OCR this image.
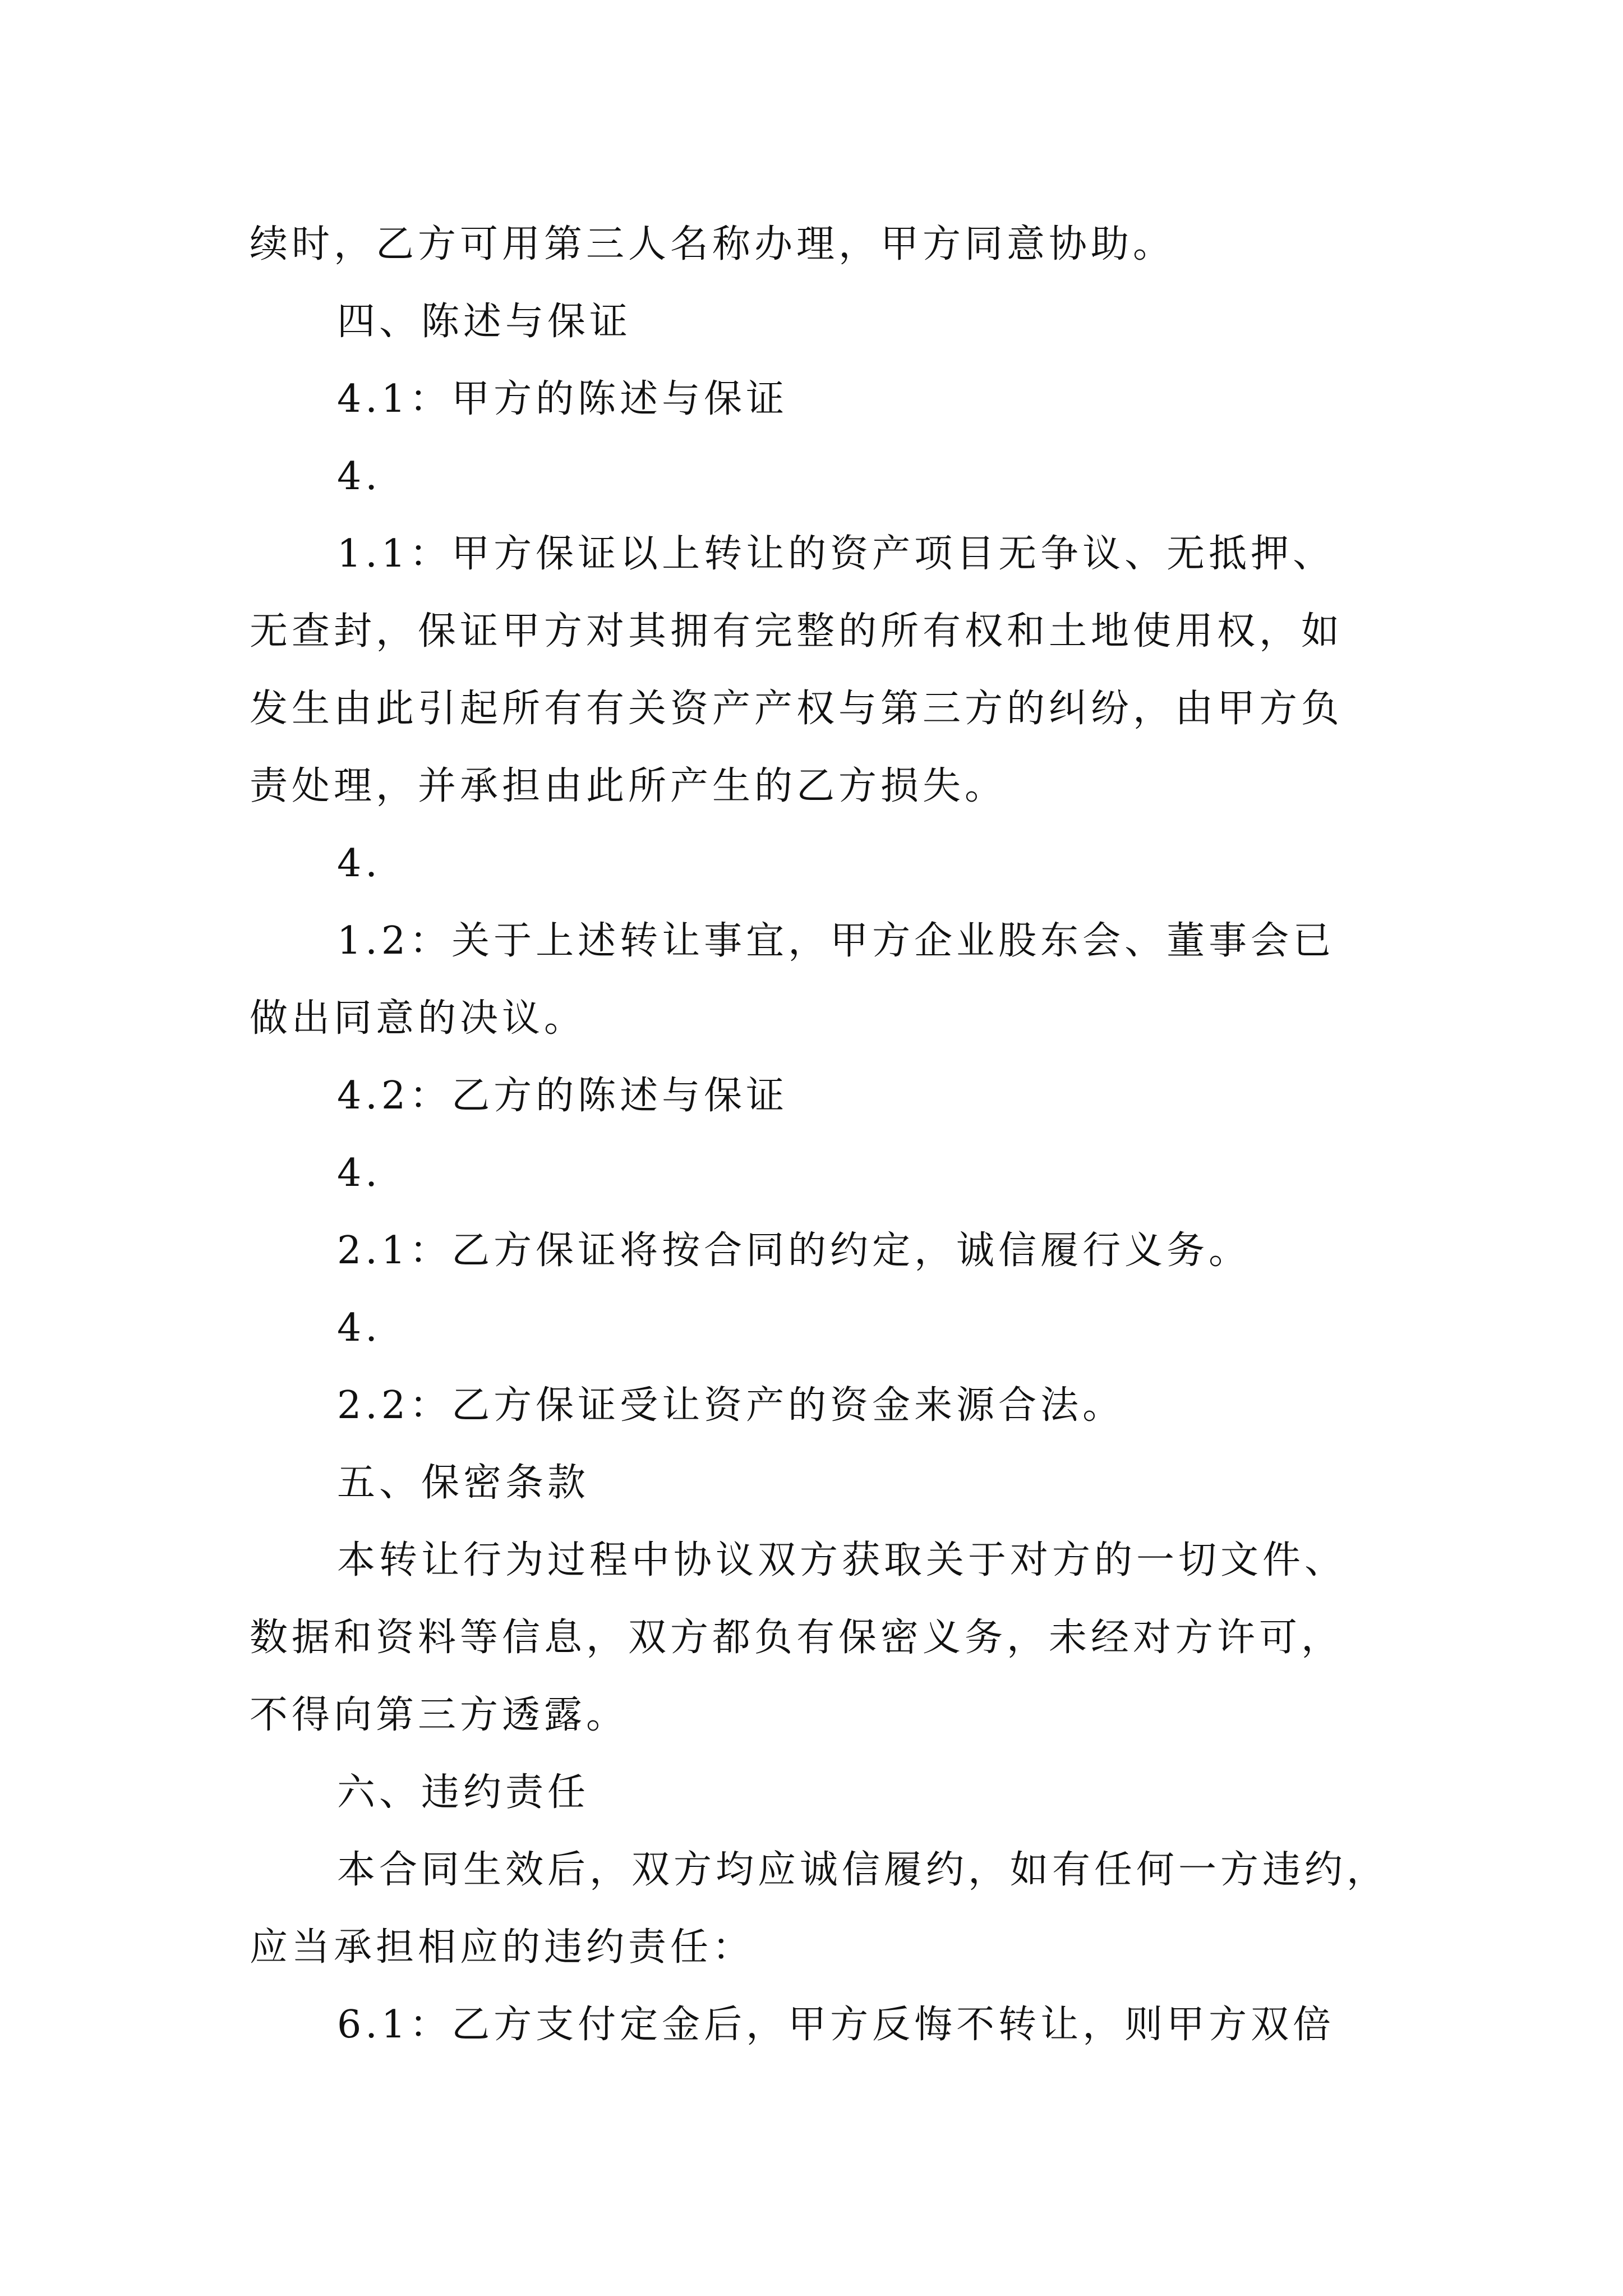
续时，乙方可用第三人名称办理，甲方同意协助。
四、陈述与保证
4.1：甲方的陈述与保证
4.
1.1：甲方保证以上转让的资产项目无争议、无抵押、
无查封，保证甲方对其拥有完整的所有权和土地使用权，如
发生由此引起所有有关资产产权与第三方的纠纷，由甲方负
责处理，并承担由此所产生的乙方损失。
4.
1.2：关于上述转让事宜，甲方企业股东会、董事会已
做出同意的决议。
4.2：乙方的陈述与保证
4.
2.1：乙方保证将按合同的约定，诚信履行义务。
4.
2.2：乙方保证受让资产的资金来源合法。
五、保密条款
本转让行为过程中协议双方获取关于对方的一切文件、
数据和资料等信息，双方都负有保密义务，未经对方许可，
不得向第三方透露。
六、违约责任
本合同生效后，双方均应诚信履约，如有任何一方违约，
应当承担相应的违约责任：
6.1：乙方支付定金后，甲方反悔不转让，则甲方双倍
